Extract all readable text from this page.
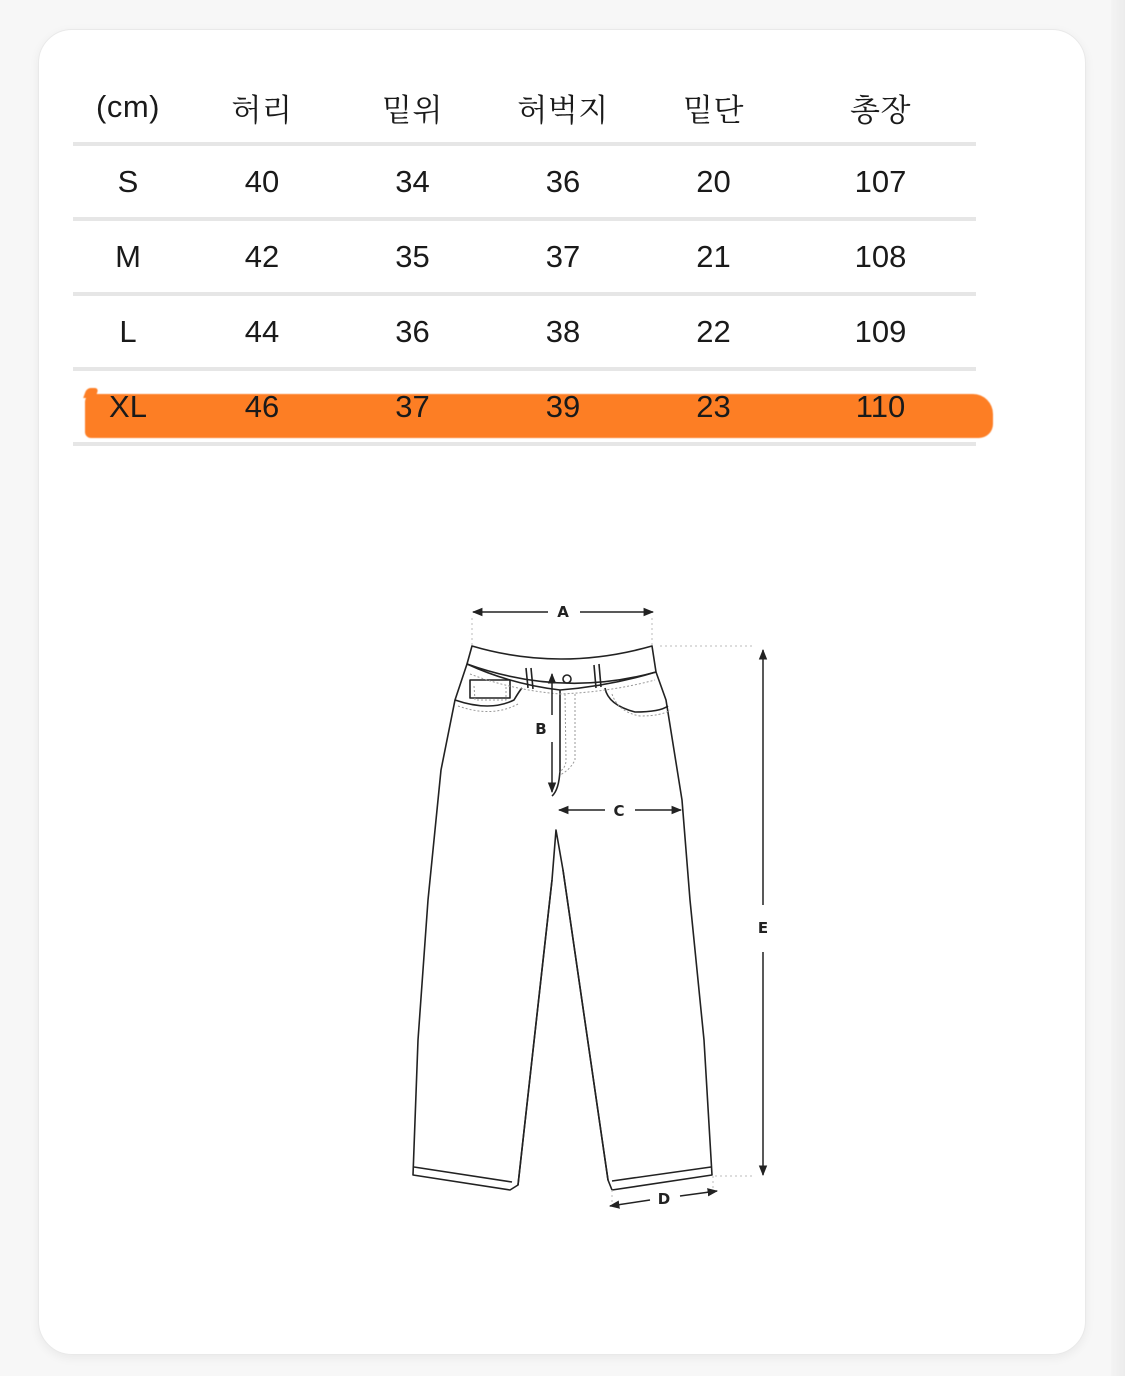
(cm)	허리	밑위	허벅지	밑단	총장
S	40	34	36	20	107
M	42	35	37	21	108
L	44	36	38	22	109
XL	46	37	39	23	110
A
B
C
D
E
